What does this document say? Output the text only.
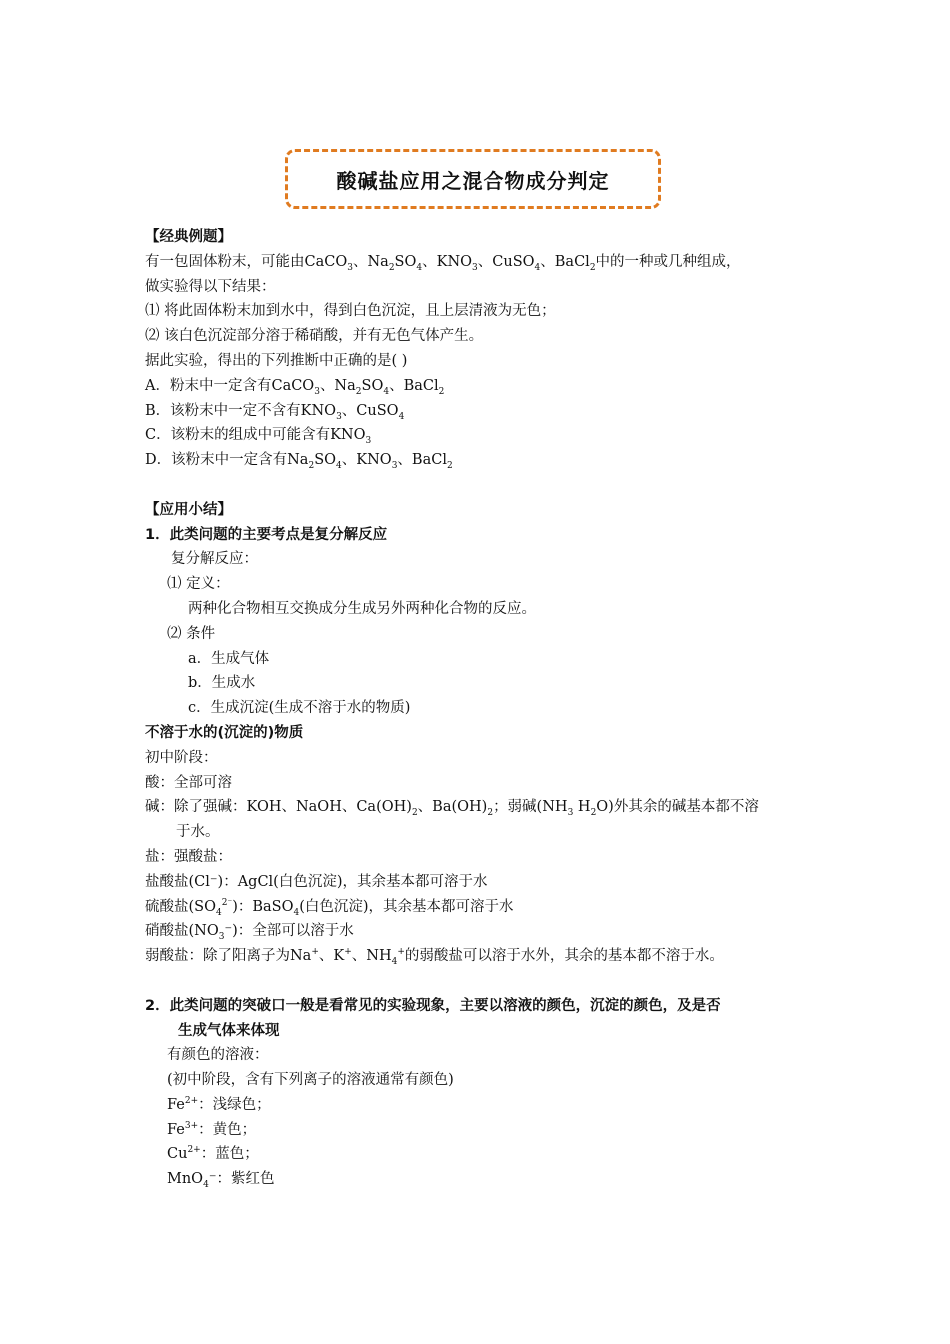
酸碱盐应用之混合物成分判定
【经典例题】
有一包固体粉末，可能由CaCO$_3$、$Na_2SO_4$、$KNO_3$、CuSO$_4$、BaCl$_2$中的一种或几种组成，
做实验得以下结果：
⑴ 将此固体粉末加到水中，得到白色沉淀，且上层清液为无色；
⑵ 该白色沉淀部分溶于稀硝酸，并有无色气体产生。
据此实验，得出的下列推断中正确的是( )
A．粉末中一定含有CaCO$_3$、$Na_2SO_4$、BaCl$_2$
B．该粉末中一定不含有$KNO_3$、CuSO$_4$
C．该粉末的组成中可能含有$KNO_3$
D．该粉末中一定含有$Na_2SO_4$、$KNO_3$、BaCl$_2$
【应用小结】
1．此类问题的主要考点是复分解反应
复分解反应：
⑴ 定义：
两种化合物相互交换成分生成另外两种化合物的反应。
⑵ 条件
a．生成气体
b．生成水
c．生成沉淀(生成不溶于水的物质)
不溶于水的(沉淀的)物质
初中阶段：
酸：全部可溶
碱：除了强碱：KOH、NaOH、$Ca(OH)_2$、$Ba(OH)_2$；弱碱($NH_3$ $H_2O$)外其余的碱基本都不溶
于水。
盐：强酸盐：
盐酸盐(Cl⁻)：AgCl(白色沉淀)，其余基本都可溶于水
硫酸盐$(SO_4^{2^-})$：BaSO$_4$(白色沉淀)，其余基本都可溶于水
硝酸盐$(NO_3^-)$：全部可以溶于水
弱酸盐：除了阳离子为Na+、K+、$NH_4^+$的弱酸盐可以溶于水外，其余的基本都不溶于水。
2．此类问题的突破口一般是看常见的实验现象，主要以溶液的颜色，沉淀的颜色，及是否
生成气体来体现
有颜色的溶液：
(初中阶段，含有下列离子的溶液通常有颜色)
$Fe^{2+}$：浅绿色；
$Fe^{3+}$：黄色；
$Cu^{2+}$：蓝色；
MnO$_4$⁻：紫红色
